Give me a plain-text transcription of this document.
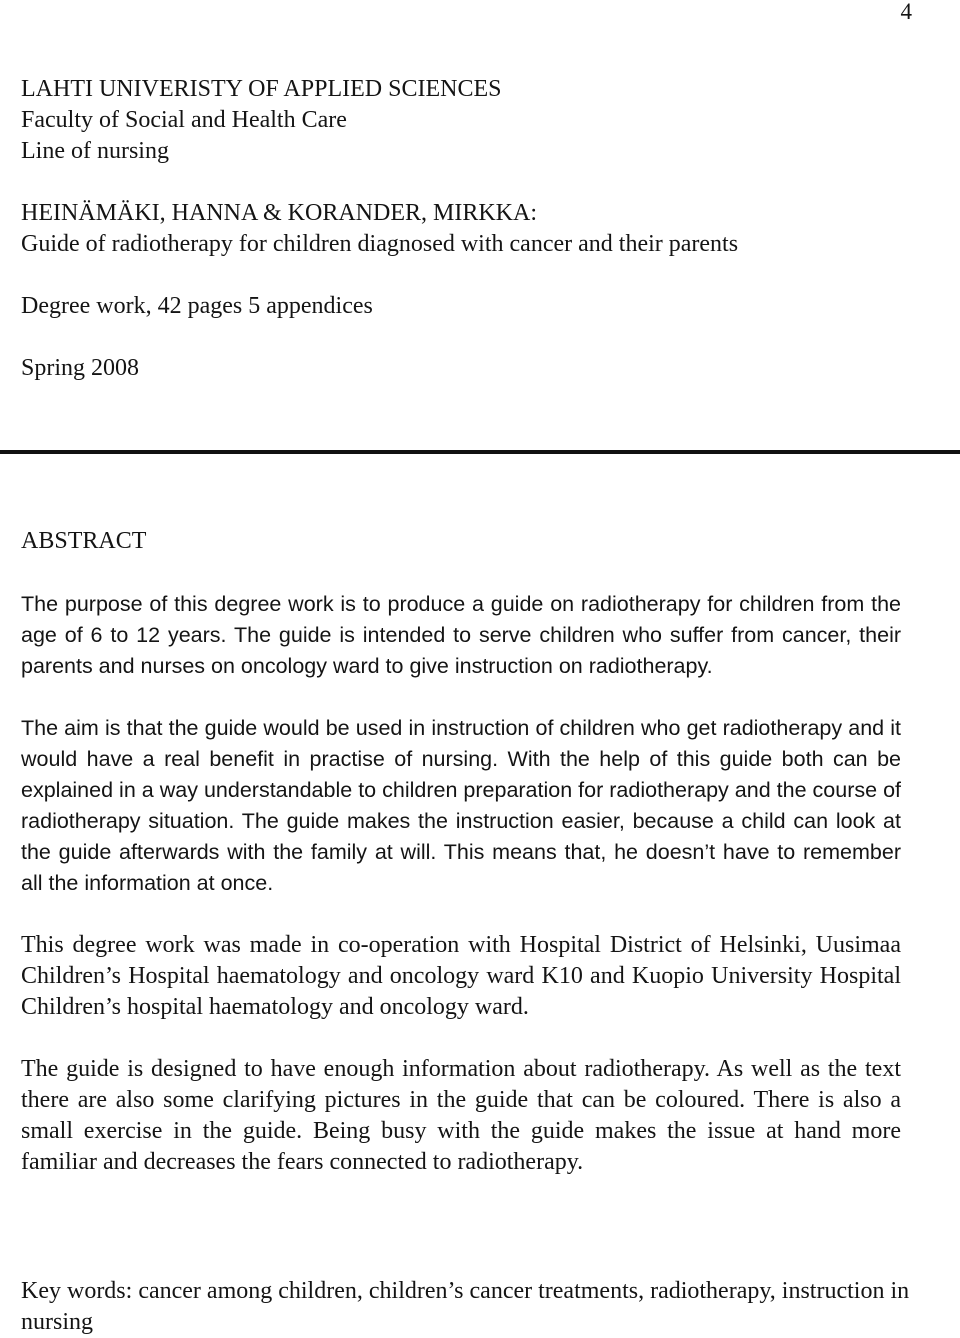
4
LAHTI UNIVERISTY OF APPLIED SCIENCES
Faculty of Social and Health Care
Line of nursing
HEINÄMÄKI, HANNA & KORANDER, MIRKKA:
Guide of radiotherapy for children diagnosed with cancer and their parents
Degree work, 42 pages 5 appendices
Spring 2008
ABSTRACT

The purpose of this degree work is to produce a guide on radiotherapy for children from the age of 6 to 12 years. The guide is intended to serve children who suffer from cancer, their parents and nurses on oncology ward to give instruction on radiotherapy.

The aim is that the guide would be used in instruction of children who get radiotherapy and it would have a real benefit in practise of nursing. With the help of this guide both can be explained in a way understandable to children preparation for radiotherapy and the course of radiotherapy situation. The guide makes the instruction easier, because a child can look at the guide afterwards with the family at will. This means that, he doesn’t have to remember all the information at once.

This degree work was made in co-operation with Hospital District of Helsinki, Uusimaa Children’s Hospital haematology and oncology ward K10 and Kuopio University Hospital Children’s hospital haematology and oncology ward.

The guide is designed to have enough information about radiotherapy. As well as the text there are also some clarifying pictures in the guide that can be coloured. There is also a small exercise in the guide. Being busy with the guide makes the issue at hand more familiar and decreases the fears connected to radiotherapy.

Key words: cancer among children, children’s cancer treatments, radiotherapy, instruction in nursing
